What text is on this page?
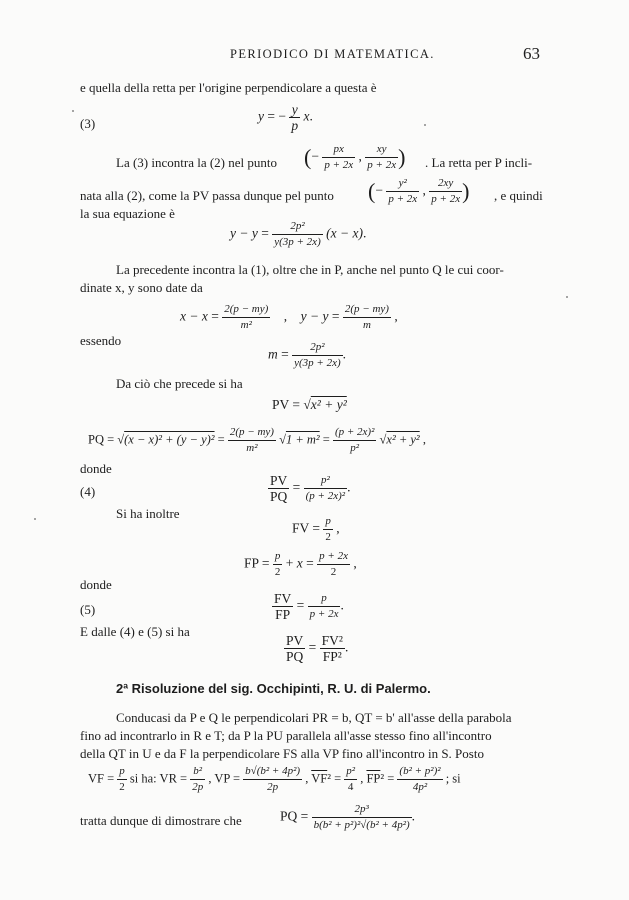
PERIODICO DI MATEMATICA.	63
e quella della retta per l'origine perpendicolare a questa è
(3)	y = − $\frac{y}{p} x$.
La (3) incontra la (2) nel punto (− $\frac{px}{p + 2x}$ , $\frac{xy}{p + 2x}$ ) . La retta per P incli-
nata alla (2), come la PV passa dunque pel punto (− $\frac{\text{y²}}{p + 2x}$ , $\frac{2xy}{p + 2x}$ ) , e quindi
la sua equazione è
$y - y = \frac{\text{2p²}}{y(3p + 2x)} (x - x)$.
La precedente incontra la (1), oltre che in P, anche nel punto Q le cui coor-
dinate x, y sono date da
$x - x = \frac{2(p - my)}{\text{m²}}$ ,    $y - y = \frac{2(p - my)}{m}$ ,
essendo
$m = \frac{\text{2p²}}{y(3p + 2x)}$ .
Da ciò che precede si ha
PV = √x² + y²
PQ = $√(x - x)^2 + (y - y)^2 = \frac{2(p - my)}{\text{m²}} √1 + m^2 = \frac{\text{(p + 2x)²}}{\text{p²}} √x^2 + y^2$ ,
donde
(4)	$\frac{PV}{PQ} = \frac{\text{p²}}{\text{(p + 2x)²}}$ .
Si ha inoltre
FV = $\frac{p}{2}$ ,
FP = $\frac{p}{2} + x = \frac{p + 2x}{2}$ ,
donde
(5)	$\frac{FV}{FP} = \frac{p}{p + 2x}$ .
E dalle (4) e (5) si ha
$\frac{PV}{PQ} = \frac{\text{FV²}}{\text{FP²}}$ .
2ª Risoluzione del sig. Occhipinti, R. U. di Palermo.
Conducasi da P e Q le perpendicolari PR = b, QT = b' all'asse della parabola
fino ad incontrarlo in R e T; da P la PU parallela all'asse stesso fino all'incontro
della QT in U e da F la perpendicolare FS alla VP fino all'incontro in S. Posto
VF = $\frac{p}{2}$ si ha: VR = $\frac{\text{b²}}{2p}$ , VP = $\frac{\text{b√(b² + 4p²)}}{2p}$ , $\overline{VF}^2 = \frac{\text{p²}}{4}$ , $\overline{FP}^2 = \frac{\text{(b² + p²)²}}{\text{4p²}}$ ; si
tratta dunque di dimostrare che	PQ = $\frac{\text{2p³}}{\text{b(b² + p²)²√(b² + 4p²)}}$ .
